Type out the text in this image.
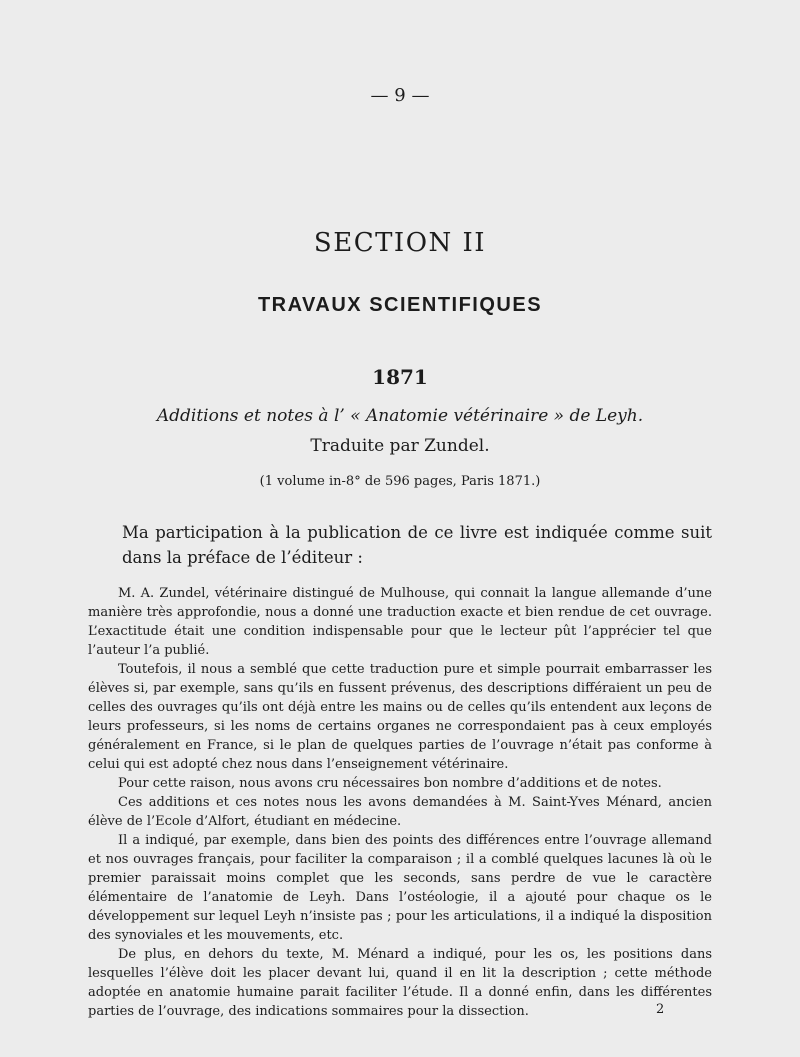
— 9 —
SECTION II
TRAVAUX SCIENTIFIQUES
1871
Additions et notes à l’ « Anatomie vétérinaire » de Leyh.
Traduite par Zundel.
(1 volume in-8° de 596 pages, Paris 1871.)
Ma participation à la publication de ce livre est indiquée comme suit dans la préface de l’éditeur :

M. A. Zundel, vétérinaire distingué de Mulhouse, qui connait la langue allemande d’une manière très approfondie, nous a donné une traduction exacte et bien rendue de cet ouvrage. L’exactitude était une condition indispensable pour que le lecteur pût l’apprécier tel que l’auteur l’a publié.

Toutefois, il nous a semblé que cette traduction pure et simple pourrait embarrasser les élèves si, par exemple, sans qu’ils en fussent prévenus, des descriptions différaient un peu de celles des ouvrages qu’ils ont déjà entre les mains ou de celles qu’ils entendent aux leçons de leurs professeurs, si les noms de certains organes ne correspondaient pas à ceux employés généralement en France, si le plan de quelques parties de l’ouvrage n’était pas conforme à celui qui est adopté chez nous dans l’enseignement vétérinaire.

Pour cette raison, nous avons cru nécessaires bon nombre d’additions et de notes.

Ces additions et ces notes nous les avons demandées à M. Saint-Yves Ménard, ancien élève de l’Ecole d’Alfort, étudiant en médecine.

Il a indiqué, par exemple, dans bien des points des différences entre l’ouvrage allemand et nos ouvrages français, pour faciliter la comparaison ; il a comblé quelques lacunes là où le premier paraissait moins complet que les seconds, sans perdre de vue le caractère élémentaire de l’anatomie de Leyh. Dans l’ostéologie, il a ajouté pour chaque os le développement sur lequel Leyh n’insiste pas ; pour les articulations, il a indiqué la disposition des synoviales et les mouvements, etc.

De plus, en dehors du texte, M. Ménard a indiqué, pour les os, les positions dans lesquelles l’élève doit les placer devant lui, quand il en lit la description ; cette méthode adoptée en anatomie humaine parait faciliter l’étude. Il a donné enfin, dans les différentes parties de l’ouvrage, des indications sommaires pour la dissection.	2
